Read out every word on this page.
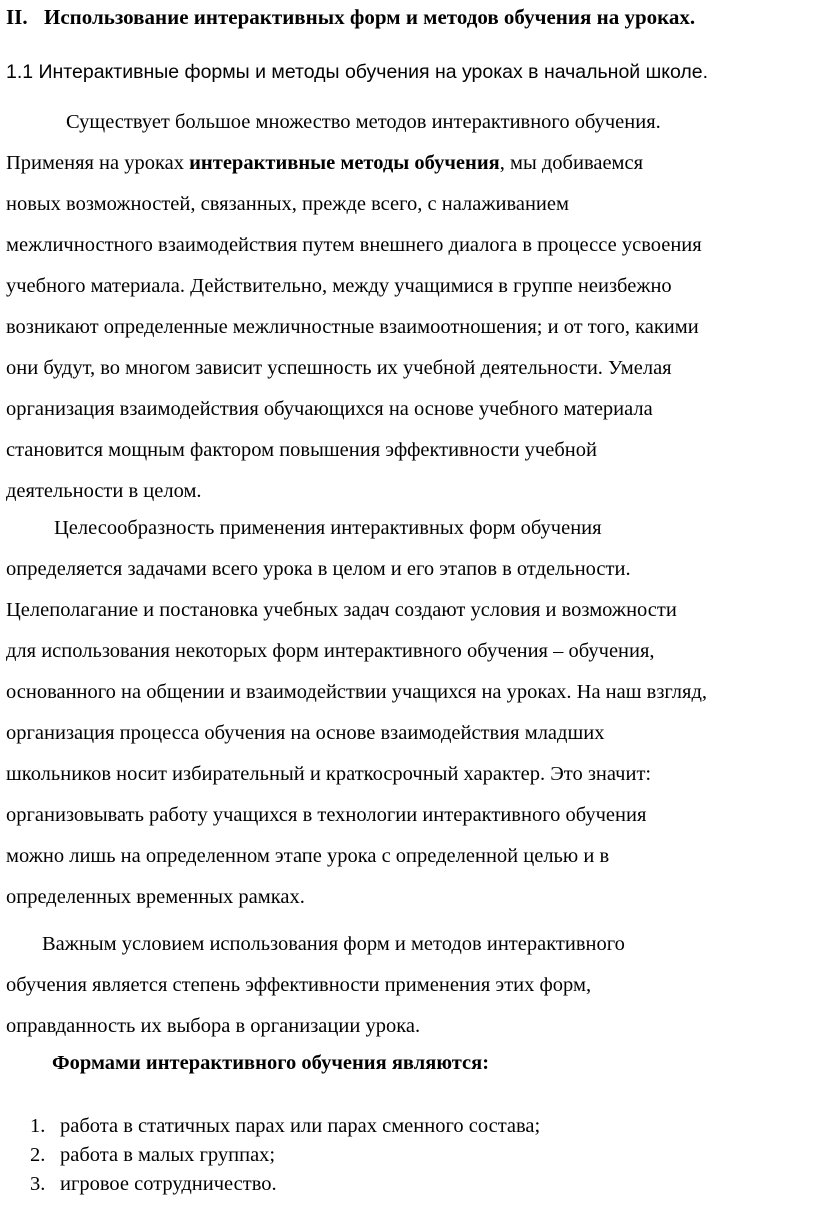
II. Использование интерактивных форм и методов обучения на уроках.
1.1 Интерактивные формы и методы обучения на уроках в начальной школе.

Существует большое множество методов интерактивного обучения.
Применяя на уроках интерактивные методы обучения, мы добиваемся
новых возможностей, связанных, прежде всего, с налаживанием
межличностного взаимодействия путем внешнего диалога в процессе усвоения
учебного материала. Действительно, между учащимися в группе неизбежно
возникают определенные межличностные взаимоотношения; и от того, какими
они будут, во многом зависит успешность их учебной деятельности. Умелая
организация взаимодействия обучающихся на основе учебного материала
становится мощным фактором повышения эффективности учебной
деятельности в целом.

Целесообразность применения интерактивных форм обучения
определяется задачами всего урока в целом и его этапов в отдельности.
Целеполагание и постановка учебных задач создают условия и возможности
для использования некоторых форм интерактивного обучения – обучения,
основанного на общении и взаимодействии учащихся на уроках. На наш взгляд,
организация процесса обучения на основе взаимодействия младших
школьников носит избирательный и краткосрочный характер. Это значит:
организовывать работу учащихся в технологии интерактивного обучения
можно лишь на определенном этапе урока с определенной целью и в
определенных временных рамках.

Важным условием использования форм и методов интерактивного
обучения является степень эффективности применения этих форм,
оправданность их выбора в организации урока.

Формами интерактивного обучения являются:
1. работа в статичных парах или парах сменного состава;
2. работа в малых группах;
3. игровое сотрудничество.
